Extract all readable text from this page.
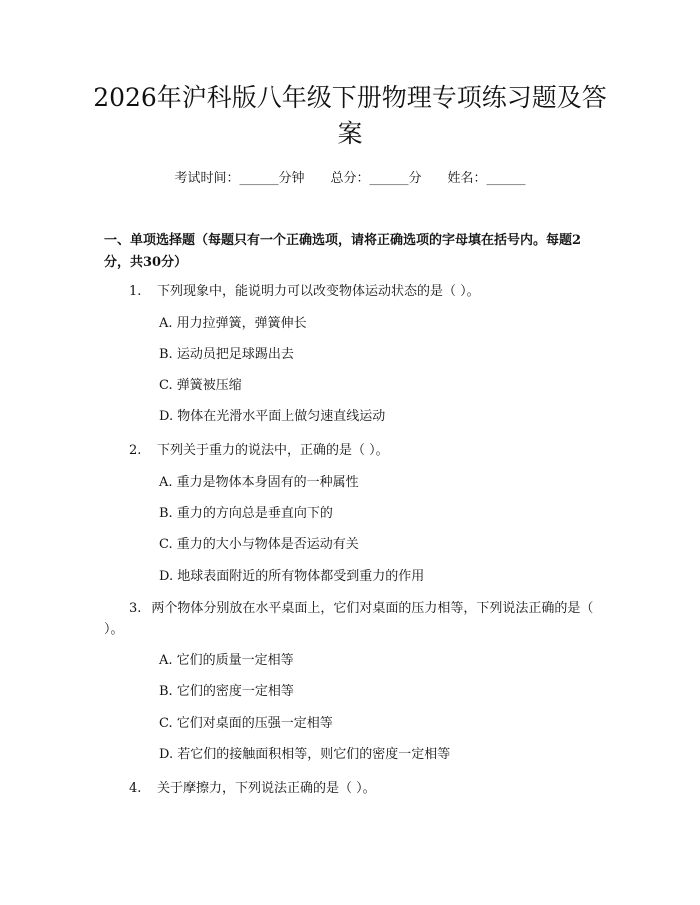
2026年沪科版八年级下册物理专项练习题及答案
考试时间：______分钟 总分：______分 姓名：______
一、单项选择题（每题只有一个正确选项，请将正确选项的字母填在括号内。每题2分，共30分）
1. 下列现象中，能说明力可以改变物体运动状态的是（ ）。
A. 用力拉弹簧，弹簧伸长
B. 运动员把足球踢出去
C. 弹簧被压缩
D. 物体在光滑水平面上做匀速直线运动
2. 下列关于重力的说法中，正确的是（ ）。
A. 重力是物体本身固有的一种属性
B. 重力的方向总是垂直向下的
C. 重力的大小与物体是否运动有关
D. 地球表面附近的所有物体都受到重力的作用
3. 两个物体分别放在水平桌面上，它们对桌面的压力相等，下列说法正确的是（ ）。
A. 它们的质量一定相等
B. 它们的密度一定相等
C. 它们对桌面的压强一定相等
D. 若它们的接触面积相等，则它们的密度一定相等
4. 关于摩擦力，下列说法正确的是（ ）。
